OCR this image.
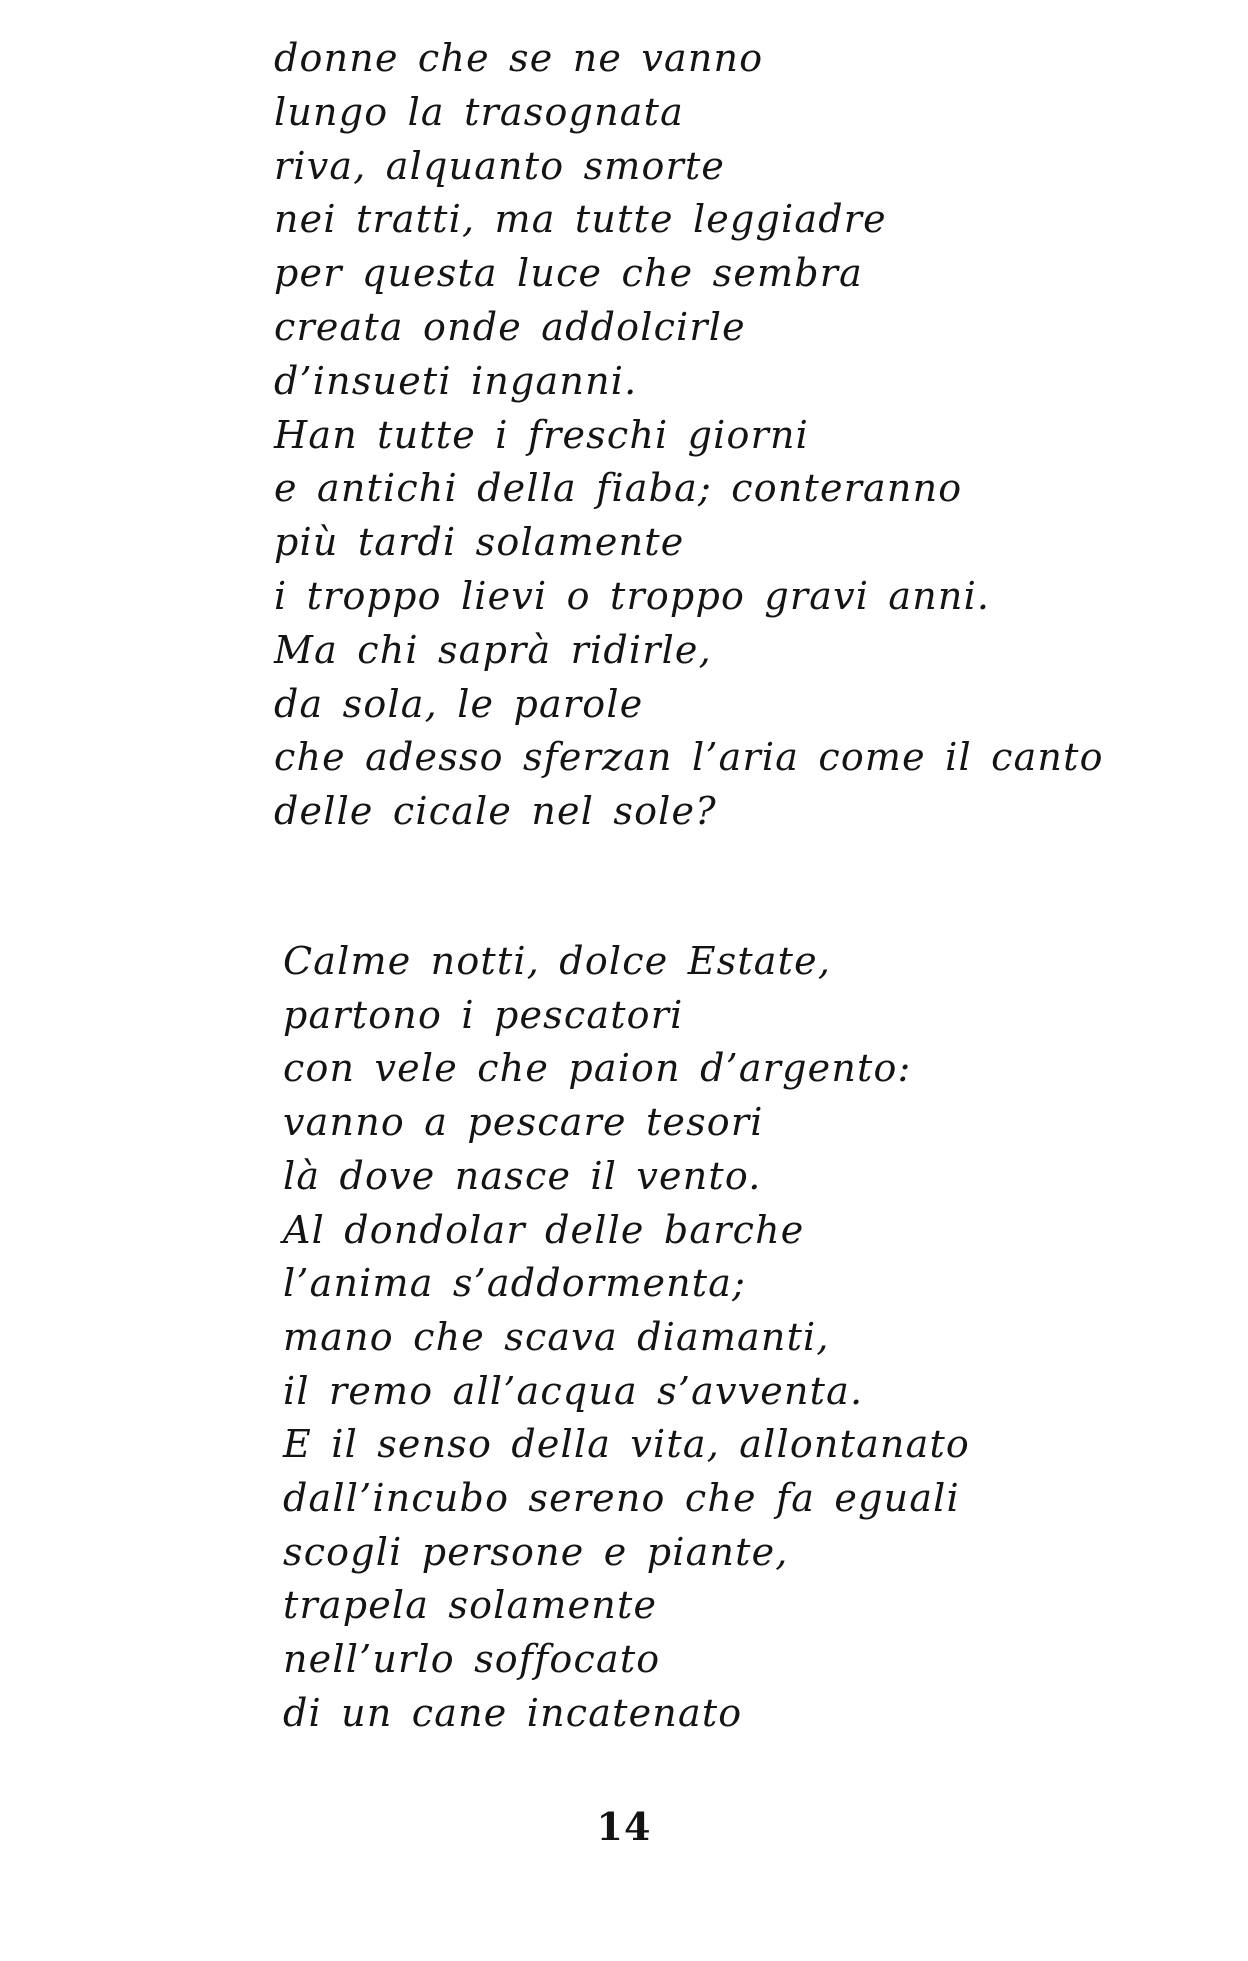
donne che se ne vanno
lungo la trasognata
riva, alquanto smorte
nei tratti, ma tutte leggiadre
per questa luce che sembra
creata onde addolcirle
d’insueti inganni.
Han tutte i freschi giorni
e antichi della fiaba; conteranno
più tardi solamente
i troppo lievi o troppo gravi anni.
Ma chi saprà ridirle,
da sola, le parole
che adesso sferzan l’aria come il canto
delle cicale nel sole?
Calme notti, dolce Estate,
partono i pescatori
con vele che paion d’argento:
vanno a pescare tesori
là dove nasce il vento.
Al dondolar delle barche
l’anima s’addormenta;
mano che scava diamanti,
il remo all’acqua s’avventa.
E il senso della vita, allontanato
dall’incubo sereno che fa eguali
scogli persone e piante,
trapela solamente
nell’urlo soffocato
di un cane incatenato
14
